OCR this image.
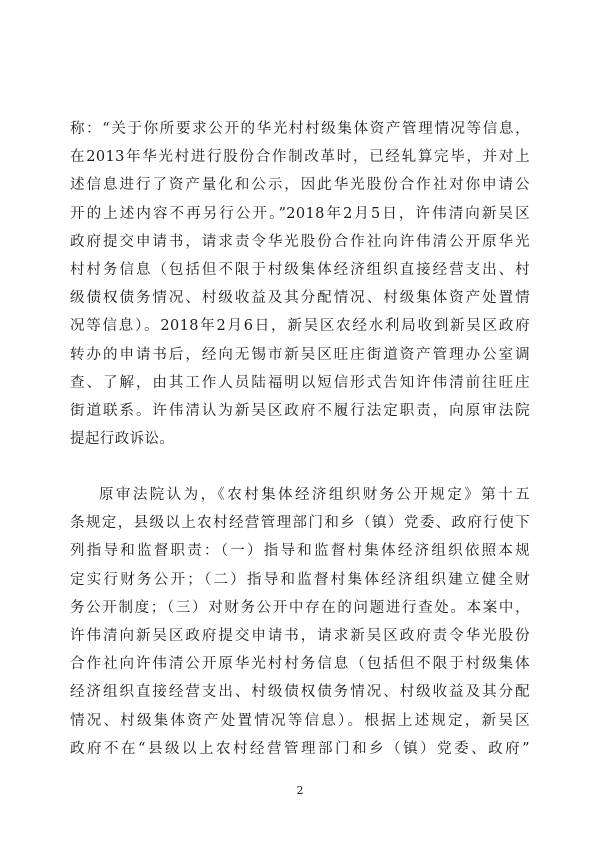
称：“关于你所要求公开的华光村村级集体资产管理情况等信息，
在2013年华光村进行股份合作制改革时，已经轧算完毕，并对上
述信息进行了资产量化和公示，因此华光股份合作社对你申请公
开的上述内容不再另行公开。”2018年2月5日，许伟清向新吴区
政府提交申请书，请求责令华光股份合作社向许伟清公开原华光
村村务信息（包括但不限于村级集体经济组织直接经营支出、村
级债权债务情况、村级收益及其分配情况、村级集体资产处置情
况等信息）。2018年2月6日，新吴区农经水利局收到新吴区政府
转办的申请书后，经向无锡市新吴区旺庄街道资产管理办公室调
查、了解，由其工作人员陆福明以短信形式告知许伟清前往旺庄
街道联系。许伟清认为新吴区政府不履行法定职责，向原审法院
提起行政诉讼。
原审法院认为，《农村集体经济组织财务公开规定》第十五
条规定，县级以上农村经营管理部门和乡（镇）党委、政府行使下
列指导和监督职责：（一）指导和监督村集体经济组织依照本规
定实行财务公开；（二）指导和监督村集体经济组织建立健全财
务公开制度；（三）对财务公开中存在的问题进行查处。本案中，
许伟清向新吴区政府提交申请书，请求新吴区政府责令华光股份
合作社向许伟清公开原华光村村务信息（包括但不限于村级集体
经济组织直接经营支出、村级债权债务情况、村级收益及其分配
情况、村级集体资产处置情况等信息）。根据上述规定，新吴区
政府不在“县级以上农村经营管理部门和乡（镇）党委、政府”
2
